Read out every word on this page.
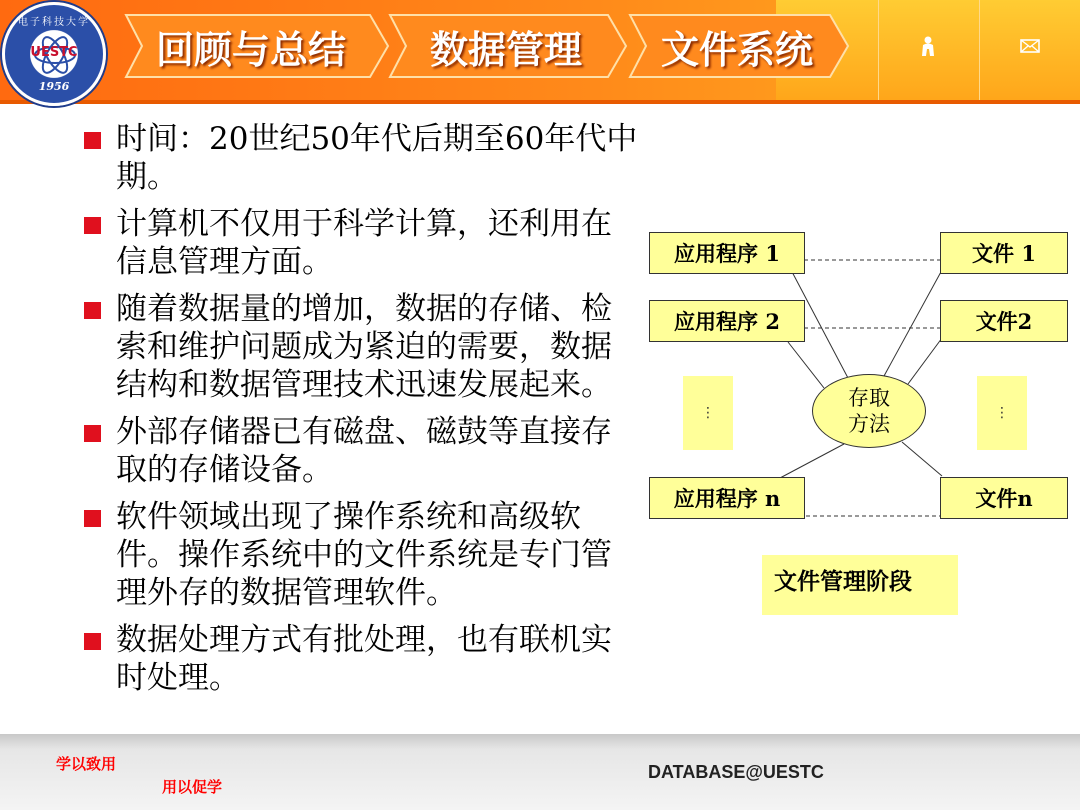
电子科技大学
UESTC
1956
回顾与总结 数据管理 文件系统
时间：20世纪50年代后期至60年代中期。
计算机不仅用于科学计算，还利用在信息管理方面。
随着数据量的增加，数据的存储、检索和维护问题成为紧迫的需要，数据结构和数据管理技术迅速发展起来。
外部存储器已有磁盘、磁鼓等直接存取的存储设备。
软件领域出现了操作系统和高级软件。操作系统中的文件系统是专门管理外存的数据管理软件。
数据处理方式有批处理，也有联机实时处理。
应用程序 1
应用程序 2
应用程序 n
文件 1
文件2
文件n
⋮	⋮
存取方法
文件管理阶段
学以致用
用以促学
DATABASE@UESTC
